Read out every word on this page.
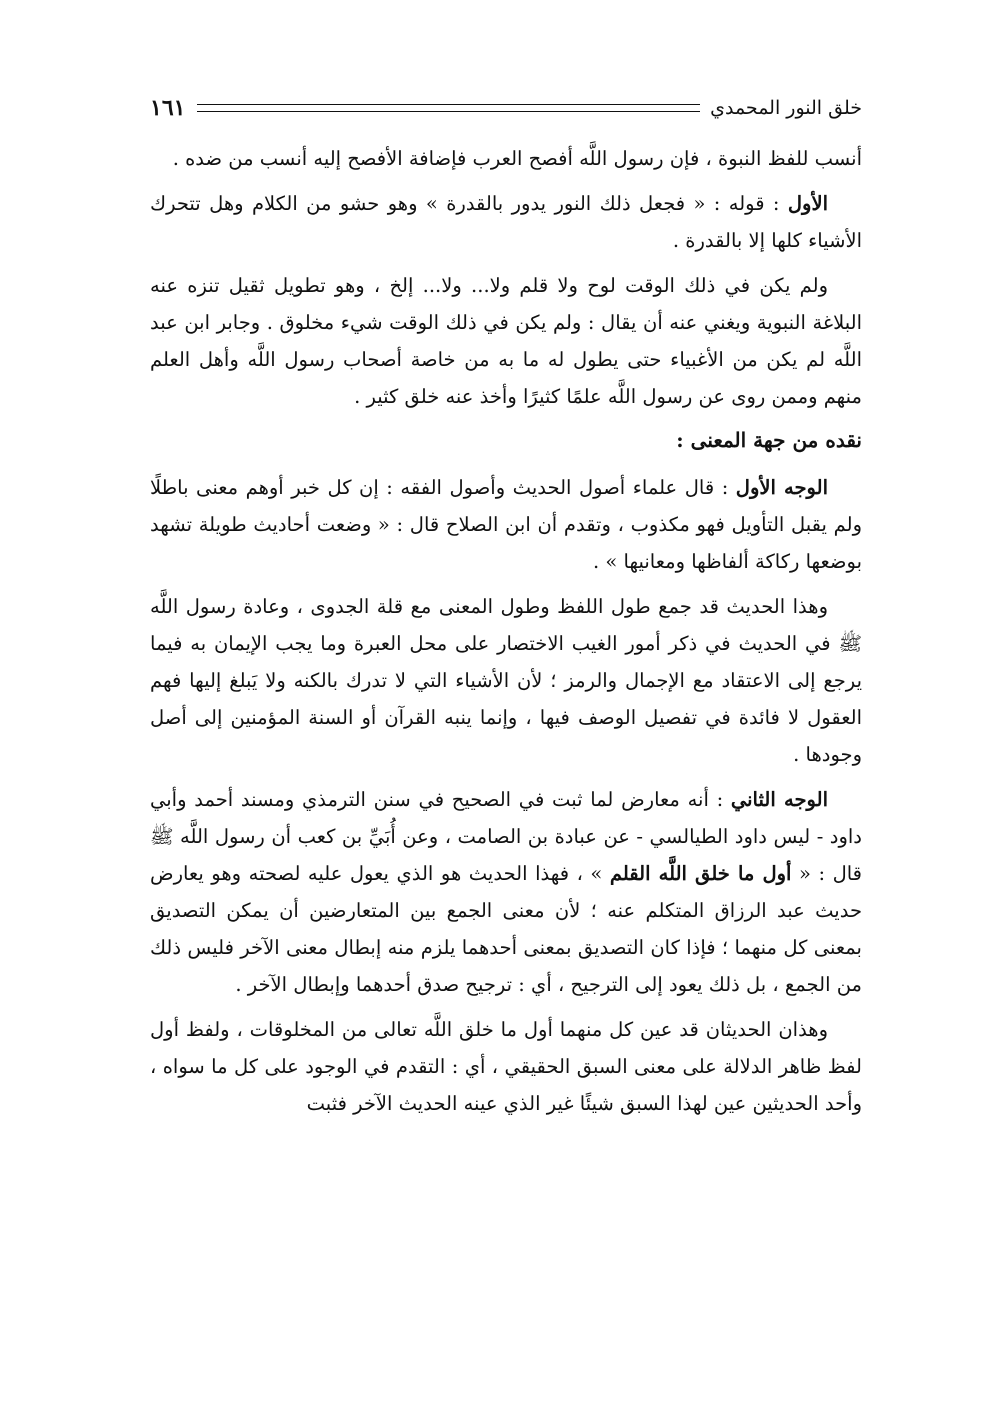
خلق النور المحمدي
١٦١

أنسب للفظ النبوة ، فإن رسول اللَّه أفصح العرب فإضافة الأفصح إليه أنسب من ضده .

الأول : قوله : « فجعل ذلك النور يدور بالقدرة » وهو حشو من الكلام وهل تتحرك الأشياء كلها إلا بالقدرة .

ولم يكن في ذلك الوقت لوح ولا قلم ولا... ولا... إلخ ، وهو تطويل ثقيل تنزه عنه البلاغة النبوية ويغني عنه أن يقال : ولم يكن في ذلك الوقت شيء مخلوق . وجابر ابن عبد اللَّه لم يكن من الأغبياء حتى يطول له ما به من خاصة أصحاب رسول اللَّه وأهل العلم منهم وممن روى عن رسول اللَّه علمًا كثيرًا وأخذ عنه خلق كثير .

نقده من جهة المعنى :

الوجه الأول : قال علماء أصول الحديث وأصول الفقه : إن كل خبر أوهم معنى باطلًا ولم يقبل التأويل فهو مكذوب ، وتقدم أن ابن الصلاح قال : « وضعت أحاديث طويلة تشهد بوضعها ركاكة ألفاظها ومعانيها » .

وهذا الحديث قد جمع طول اللفظ وطول المعنى مع قلة الجدوى ، وعادة رسول اللَّه ﷺ في الحديث في ذكر أمور الغيب الاختصار على محل العبرة وما يجب الإيمان به فيما يرجع إلى الاعتقاد مع الإجمال والرمز ؛ لأن الأشياء التي لا تدرك بالكنه ولا يَبلغ إليها فهم العقول لا فائدة في تفصيل الوصف فيها ، وإنما ينبه القرآن أو السنة المؤمنين إلى أصل وجودها .

الوجه الثاني : أنه معارض لما ثبت في الصحيح في سنن الترمذي ومسند أحمد وأبي داود - ليس داود الطيالسي - عن عبادة بن الصامت ، وعن أُبَيِّ بن كعب أن رسول اللَّه ﷺ قال : « أول ما خلق اللَّه القلم » ، فهذا الحديث هو الذي يعول عليه لصحته وهو يعارض حديث عبد الرزاق المتكلم عنه ؛ لأن معنى الجمع بين المتعارضين أن يمكن التصديق بمعنى كل منهما ؛ فإذا كان التصديق بمعنى أحدهما يلزم منه إبطال معنى الآخر فليس ذلك من الجمع ، بل ذلك يعود إلى الترجيح ، أي : ترجيح صدق أحدهما وإبطال الآخر .

وهذان الحديثان قد عين كل منهما أول ما خلق اللَّه تعالى من المخلوقات ، ولفظ أول لفظ ظاهر الدلالة على معنى السبق الحقيقي ، أي : التقدم في الوجود على كل ما سواه ، وأحد الحديثين عين لهذا السبق شيئًا غير الذي عينه الحديث الآخر فثبت
